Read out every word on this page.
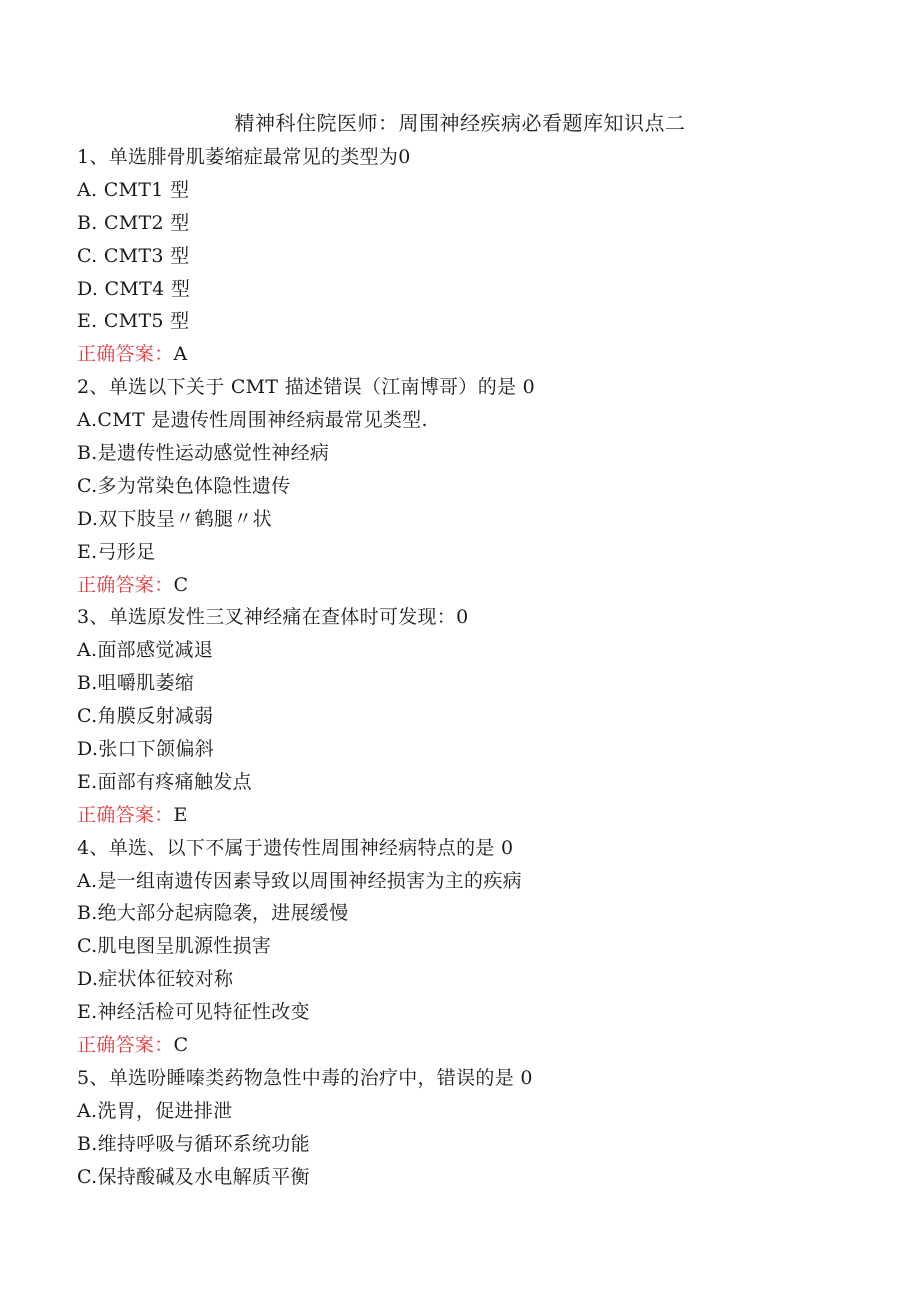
精神科住院医师：周围神经疾病必看题库知识点二
1、单选腓骨肌萎缩症最常见的类型为0
A. CMT1 型
B. CMT2 型
C. CMT3 型
D. CMT4 型
E. CMT5 型
正确答案：A
2、单选以下关于 CMT 描述错误（江南博哥）的是 0
A.CMT 是遗传性周围神经病最常见类型.
B.是遗传性运动感觉性神经病
C.多为常染色体隐性遗传
D.双下肢呈〃鹤腿〃状
E.弓形足
正确答案：C
3、单选原发性三叉神经痛在查体时可发现：0
A.面部感觉减退
B.咀嚼肌萎缩
C.角膜反射减弱
D.张口下颌偏斜
E.面部有疼痛触发点
正确答案：E
4、单选、以下不属于遗传性周围神经病特点的是 0
A.是一组南遗传因素导致以周围神经损害为主的疾病
B.绝大部分起病隐袭，进展缓慢
C.肌电图呈肌源性损害
D.症状体征较对称
E.神经活检可见特征性改变
正确答案：C
5、单选吩睡嗪类药物急性中毒的治疗中，错误的是 0
A.洗胃，促进排泄
B.维持呼吸与循环系统功能
C.保持酸碱及水电解质平衡
